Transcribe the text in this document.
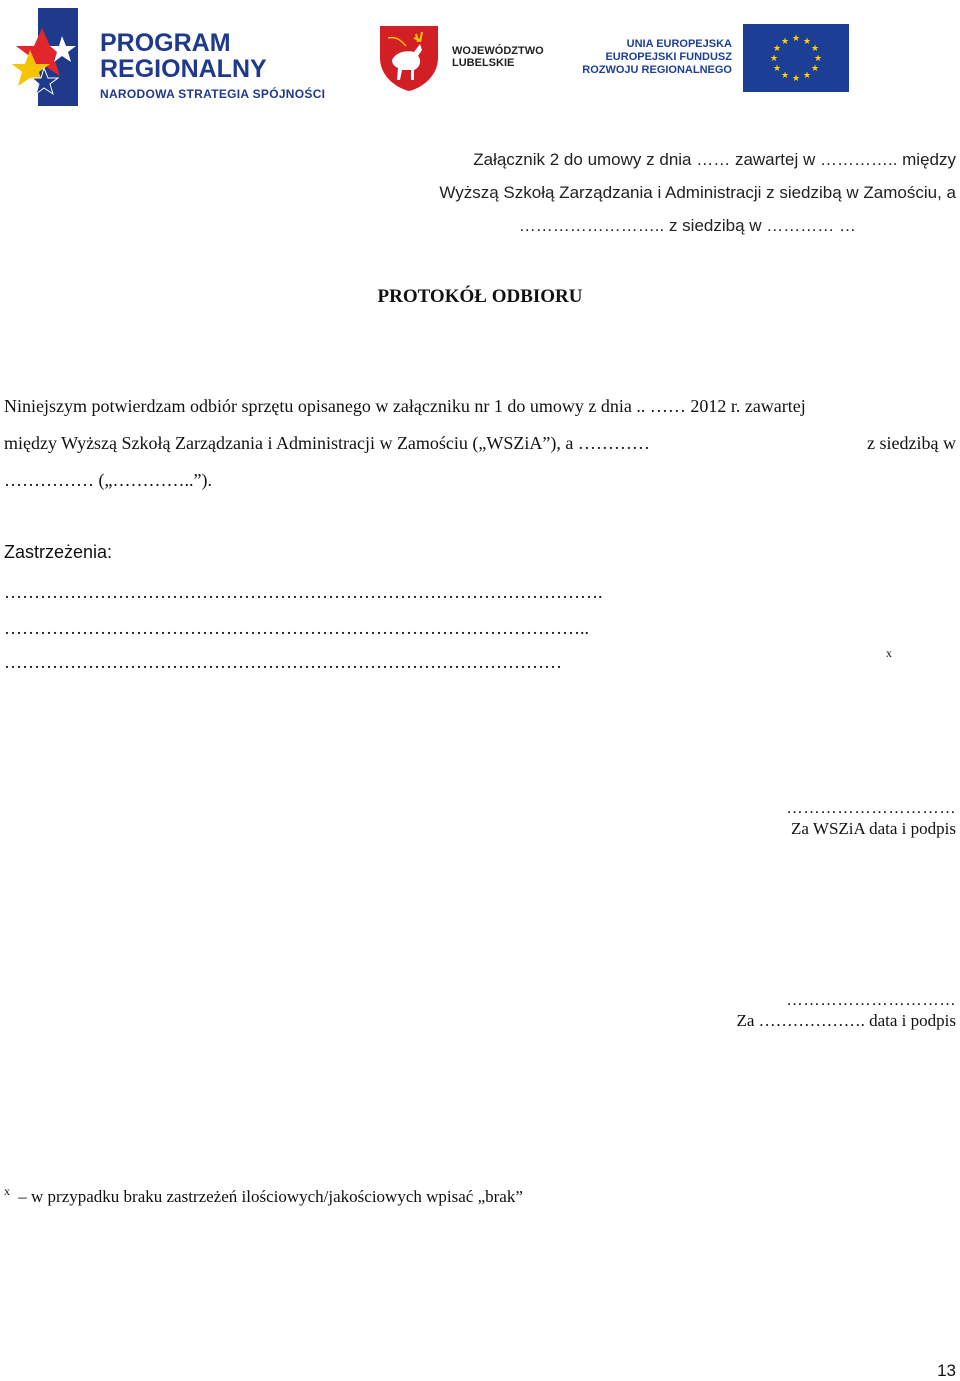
PROGRAM
REGIONALNY
NARODOWA STRATEGIA SPÓJNOŚCI
WOJEWÓDZTWO
LUBELSKIE
UNIA EUROPEJSKA
EUROPEJSKI FUNDUSZ
ROZWOJU REGIONALNEGO
★ ★
★
★
★
★
★
★
★
★
★
★
Załącznik 2 do umowy z dnia …… zawartej w ………….. między
Wyższą Szkołą Zarządzania i Administracji z siedzibą w Zamościu, a
…………………….. z siedzibą w ………… …
PROTOKÓŁ ODBIORU
Niniejszym potwierdzam odbiór sprzętu opisanego w załączniku nr 1 do umowy z dnia .. …… 2012 r. zawartej
między Wyższą Szkołą Zarządzania i Administracji w Zamościu („WSZiA”), a …………	z siedzibą w
…………… („…………..”).
Zastrzeżenia:
……………………………………………………………………………………….
……………………………………………………………………………………..
…………………………………………………………………………………	x
…………………………
Za WSZiA data i podpis
…………………………
Za ………………. data i podpis
$^x$ – w przypadku braku zastrzeżeń ilościowych/jakościowych wpisać „brak”
13
